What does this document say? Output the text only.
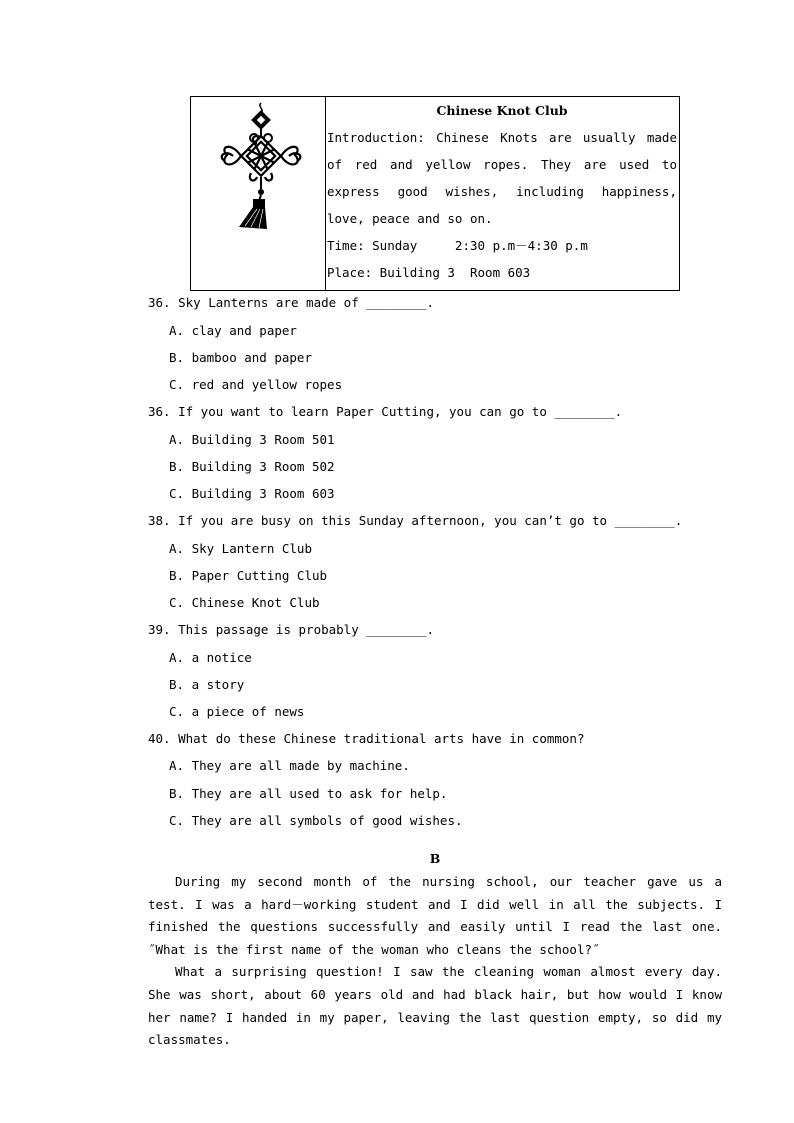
Chinese Knot Club
Introduction: Chinese Knots are usually made of red and yellow ropes. They are used to express good wishes, including happiness, love, peace and so on.
Time: Sunday     2:30 p.m－4:30 p.m
Place: Building 3  Room 603
36. Sky Lanterns are made of ________.
A. clay and paper
B. bamboo and paper
C. red and yellow ropes
36. If you want to learn Paper Cutting, you can go to ________.
A. Building 3 Room 501
B. Building 3 Room 502
C. Building 3 Room 603
38. If you are busy on this Sunday afternoon, you can’t go to ________.
A. Sky Lantern Club
B. Paper Cutting Club
C. Chinese Knot Club
39. This passage is probably ________.
A. a notice
B. a story
C. a piece of news
40. What do these Chinese traditional arts have in common?
A. They are all made by machine.
B. They are all used to ask for help.
C. They are all symbols of good wishes.
B

During my second month of the nursing school, our teacher gave us a test. I was a hard－working student and I did well in all the subjects. I finished the questions successfully and easily until I read the last one. ˝What is the first name of the woman who cleans the school?˝

What a surprising question! I saw the cleaning woman almost every day. She was short, about 60 years old and had black hair, but how would I know her name? I handed in my paper, leaving the last question empty, so did my classmates.
